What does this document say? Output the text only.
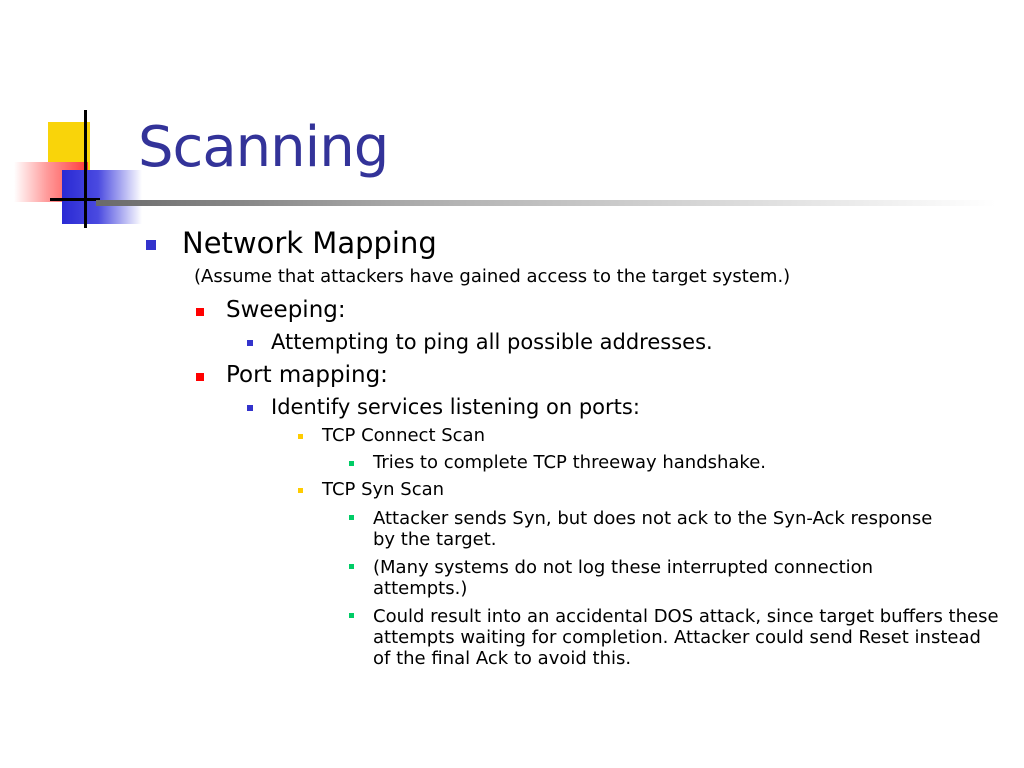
Scanning
Network Mapping
(Assume that attackers have gained access to the target system.)
Sweeping:
Attempting to ping all possible addresses.
Port mapping:
Identify services listening on ports:
TCP Connect Scan
Tries to complete TCP threeway handshake.
TCP Syn Scan
Attacker sends Syn, but does not ack to the Syn-Ack response by the target.
(Many systems do not log these interrupted connection attempts.)
Could result into an accidental DOS attack, since target buffers these attempts waiting for completion. Attacker could send Reset instead of the final Ack to avoid this.
